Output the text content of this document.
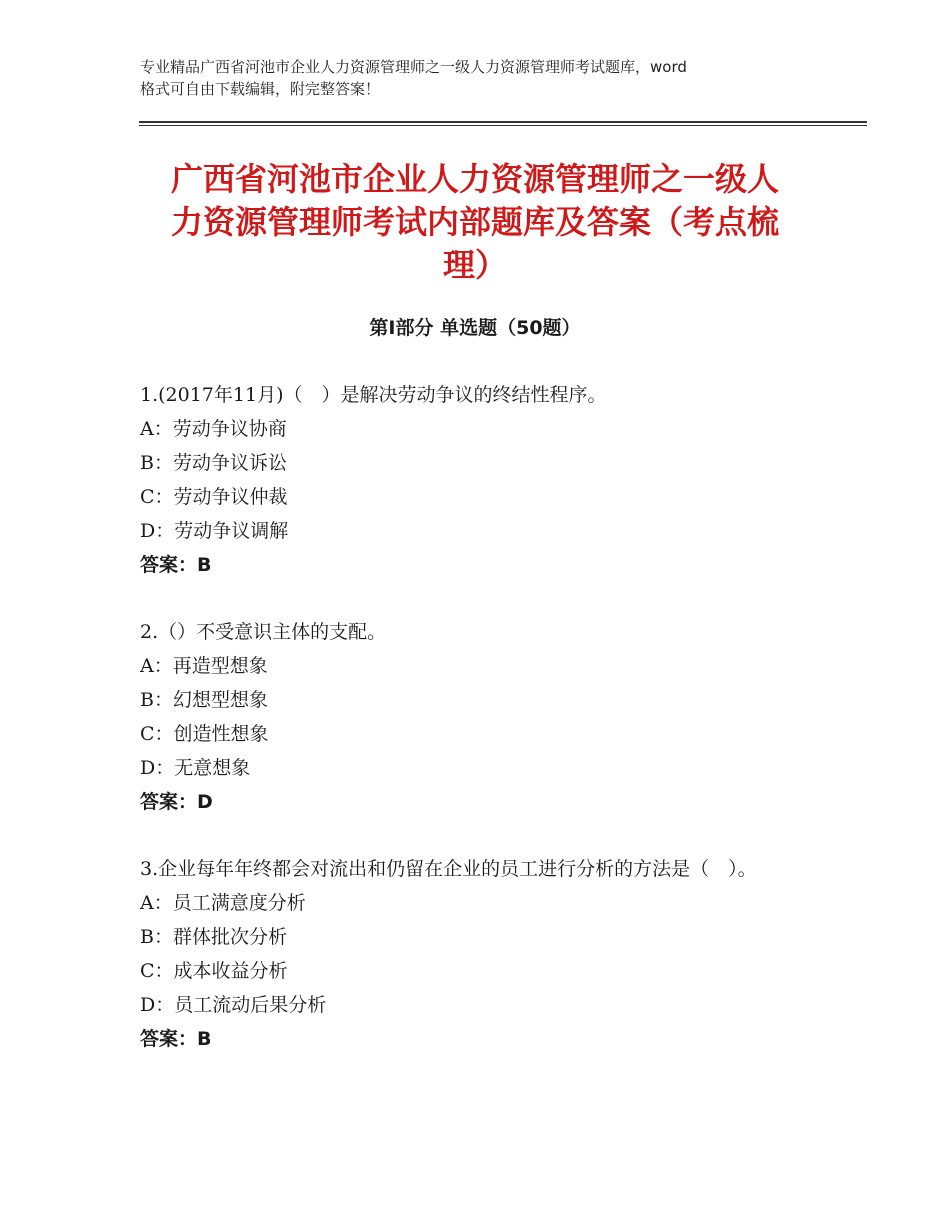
专业精品广西省河池市企业人力资源管理师之一级人力资源管理师考试题库，word
格式可自由下载编辑，附完整答案！
广西省河池市企业人力资源管理师之一级人
力资源管理师考试内部题库及答案（考点梳
理）
第Ⅰ部分 单选题（50题）
1.(2017年11月)（　）是解决劳动争议的终结性程序。
A：劳动争议协商
B：劳动争议诉讼
C：劳动争议仲裁
D：劳动争议调解
答案：B
2.（）不受意识主体的支配。
A：再造型想象
B：幻想型想象
C：创造性想象
D：无意想象
答案：D
3.企业每年年终都会对流出和仍留在企业的员工进行分析的方法是（　）。
A：员工满意度分析
B：群体批次分析
C：成本收益分析
D：员工流动后果分析
答案：B
